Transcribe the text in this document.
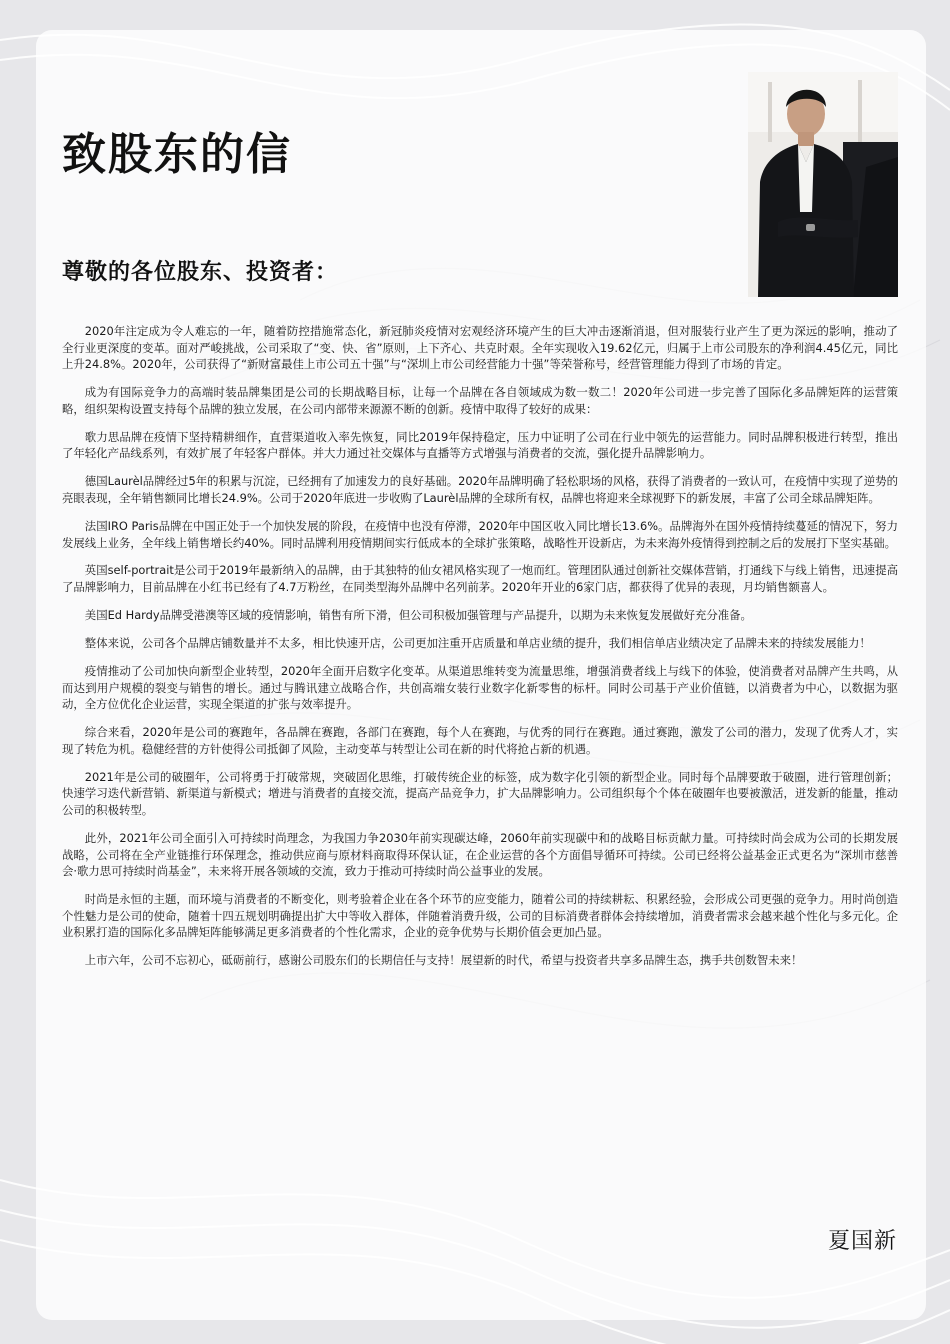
致股东的信
尊敬的各位股东、投资者：

2020年注定成为令人难忘的一年，随着防控措施常态化，新冠肺炎疫情对宏观经济环境产生的巨大冲击逐渐消退，但对服装行业产生了更为深远的影响，推动了全行业更深度的变革。面对严峻挑战，公司采取了“变、快、省”原则，上下齐心、共克时艰。全年实现收入19.62亿元，归属于上市公司股东的净利润4.45亿元，同比上升24.8%。2020年，公司获得了“新财富最佳上市公司五十强”与“深圳上市公司经营能力十强”等荣誉称号，经营管理能力得到了市场的肯定。

成为有国际竞争力的高端时装品牌集团是公司的长期战略目标，让每一个品牌在各自领域成为数一数二！2020年公司进一步完善了国际化多品牌矩阵的运营策略，组织架构设置支持每个品牌的独立发展，在公司内部带来源源不断的创新。疫情中取得了较好的成果：

歌力思品牌在疫情下坚持精耕细作，直营渠道收入率先恢复，同比2019年保持稳定，压力中证明了公司在行业中领先的运营能力。同时品牌积极进行转型，推出了年轻化产品线系列，有效扩展了年轻客户群体。并大力通过社交媒体与直播等方式增强与消费者的交流，强化提升品牌影响力。

德国Laurèl品牌经过5年的积累与沉淀，已经拥有了加速发力的良好基础。2020年品牌明确了轻松职场的风格，获得了消费者的一致认可，在疫情中实现了逆势的亮眼表现，全年销售额同比增长24.9%。公司于2020年底进一步收购了Laurèl品牌的全球所有权，品牌也将迎来全球视野下的新发展，丰富了公司全球品牌矩阵。

法国IRO Paris品牌在中国正处于一个加快发展的阶段，在疫情中也没有停滞，2020年中国区收入同比增长13.6%。品牌海外在国外疫情持续蔓延的情况下，努力发展线上业务，全年线上销售增长约40%。同时品牌利用疫情期间实行低成本的全球扩张策略，战略性开设新店，为未来海外疫情得到控制之后的发展打下坚实基础。

英国self-portrait是公司于2019年最新纳入的品牌，由于其独特的仙女裙风格实现了一炮而红。管理团队通过创新社交媒体营销，打通线下与线上销售，迅速提高了品牌影响力，目前品牌在小红书已经有了4.7万粉丝，在同类型海外品牌中名列前茅。2020年开业的6家门店，都获得了优异的表现，月均销售额喜人。

美国Ed Hardy品牌受港澳等区域的疫情影响，销售有所下滑，但公司积极加强管理与产品提升，以期为未来恢复发展做好充分准备。

整体来说，公司各个品牌店铺数量并不太多，相比快速开店，公司更加注重开店质量和单店业绩的提升，我们相信单店业绩决定了品牌未来的持续发展能力！

疫情推动了公司加快向新型企业转型，2020年全面开启数字化变革。从渠道思维转变为流量思维，增强消费者线上与线下的体验，使消费者对品牌产生共鸣，从而达到用户规模的裂变与销售的增长。通过与腾讯建立战略合作，共创高端女装行业数字化新零售的标杆。同时公司基于产业价值链，以消费者为中心，以数据为驱动，全方位优化企业运营，实现全渠道的扩张与效率提升。

综合来看，2020年是公司的赛跑年，各品牌在赛跑，各部门在赛跑，每个人在赛跑，与优秀的同行在赛跑。通过赛跑，激发了公司的潜力，发现了优秀人才，实现了转危为机。稳健经营的方针使得公司抵御了风险，主动变革与转型让公司在新的时代将抢占新的机遇。

2021年是公司的破圈年，公司将勇于打破常规，突破固化思维，打破传统企业的标签，成为数字化引领的新型企业。同时每个品牌要敢于破圈，进行管理创新；快速学习迭代新营销、新渠道与新模式；增进与消费者的直接交流，提高产品竞争力，扩大品牌影响力。公司组织每个个体在破圈年也要被激活，迸发新的能量，推动公司的积极转型。

此外，2021年公司全面引入可持续时尚理念，为我国力争2030年前实现碳达峰，2060年前实现碳中和的战略目标贡献力量。可持续时尚会成为公司的长期发展战略，公司将在全产业链推行环保理念，推动供应商与原材料商取得环保认证，在企业运营的各个方面倡导循环可持续。公司已经将公益基金正式更名为“深圳市慈善会·歌力思可持续时尚基金”，未来将开展各领域的交流，致力于推动可持续时尚公益事业的发展。

时尚是永恒的主题，而环境与消费者的不断变化，则考验着企业在各个环节的应变能力，随着公司的持续耕耘、积累经验，会形成公司更强的竞争力。用时尚创造个性魅力是公司的使命，随着十四五规划明确提出扩大中等收入群体，伴随着消费升级，公司的目标消费者群体会持续增加，消费者需求会越来越个性化与多元化。企业积累打造的国际化多品牌矩阵能够满足更多消费者的个性化需求，企业的竞争优势与长期价值会更加凸显。

上市六年，公司不忘初心，砥砺前行，感谢公司股东们的长期信任与支持！展望新的时代，希望与投资者共享多品牌生态，携手共创数智未来！

夏国新
